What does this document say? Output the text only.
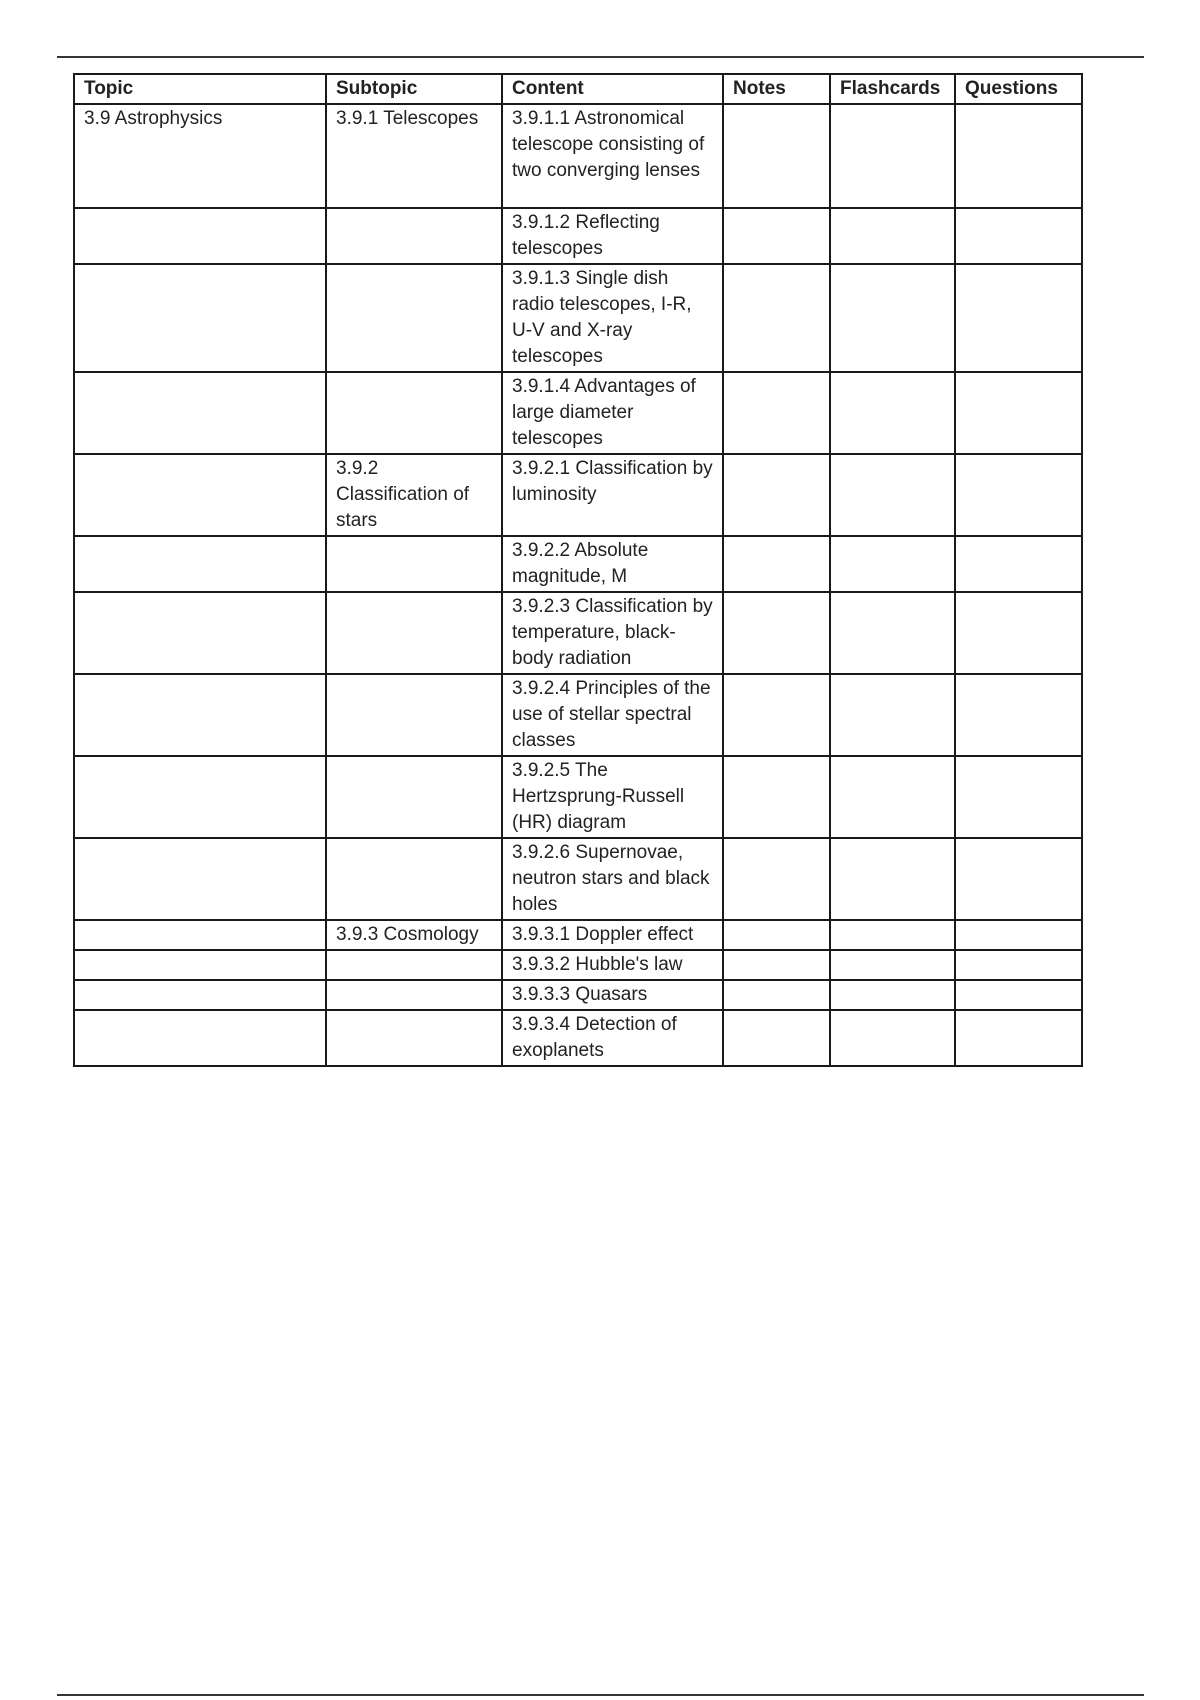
Topic	Subtopic	Content	Notes	Flashcards	Questions
3.9 Astrophysics	3.9.1 Telescopes	3.9.1.1 Astronomical telescope consisting of two converging lenses			
		3.9.1.2 Reflecting telescopes			
		3.9.1.3 Single dish radio telescopes, I-R, U-V and X-ray telescopes			
		3.9.1.4 Advantages of large diameter telescopes			
	3.9.2 Classification of stars	3.9.2.1 Classification by luminosity			
		3.9.2.2 Absolute magnitude, M			
		3.9.2.3 Classification by temperature, black-body radiation			
		3.9.2.4 Principles of the use of stellar spectral classes			
		3.9.2.5 The Hertzsprung-Russell (HR) diagram			
		3.9.2.6 Supernovae, neutron stars and black holes			
	3.9.3 Cosmology	3.9.3.1 Doppler effect			
		3.9.3.2 Hubble's law			
		3.9.3.3 Quasars			
		3.9.3.4 Detection of exoplanets			
